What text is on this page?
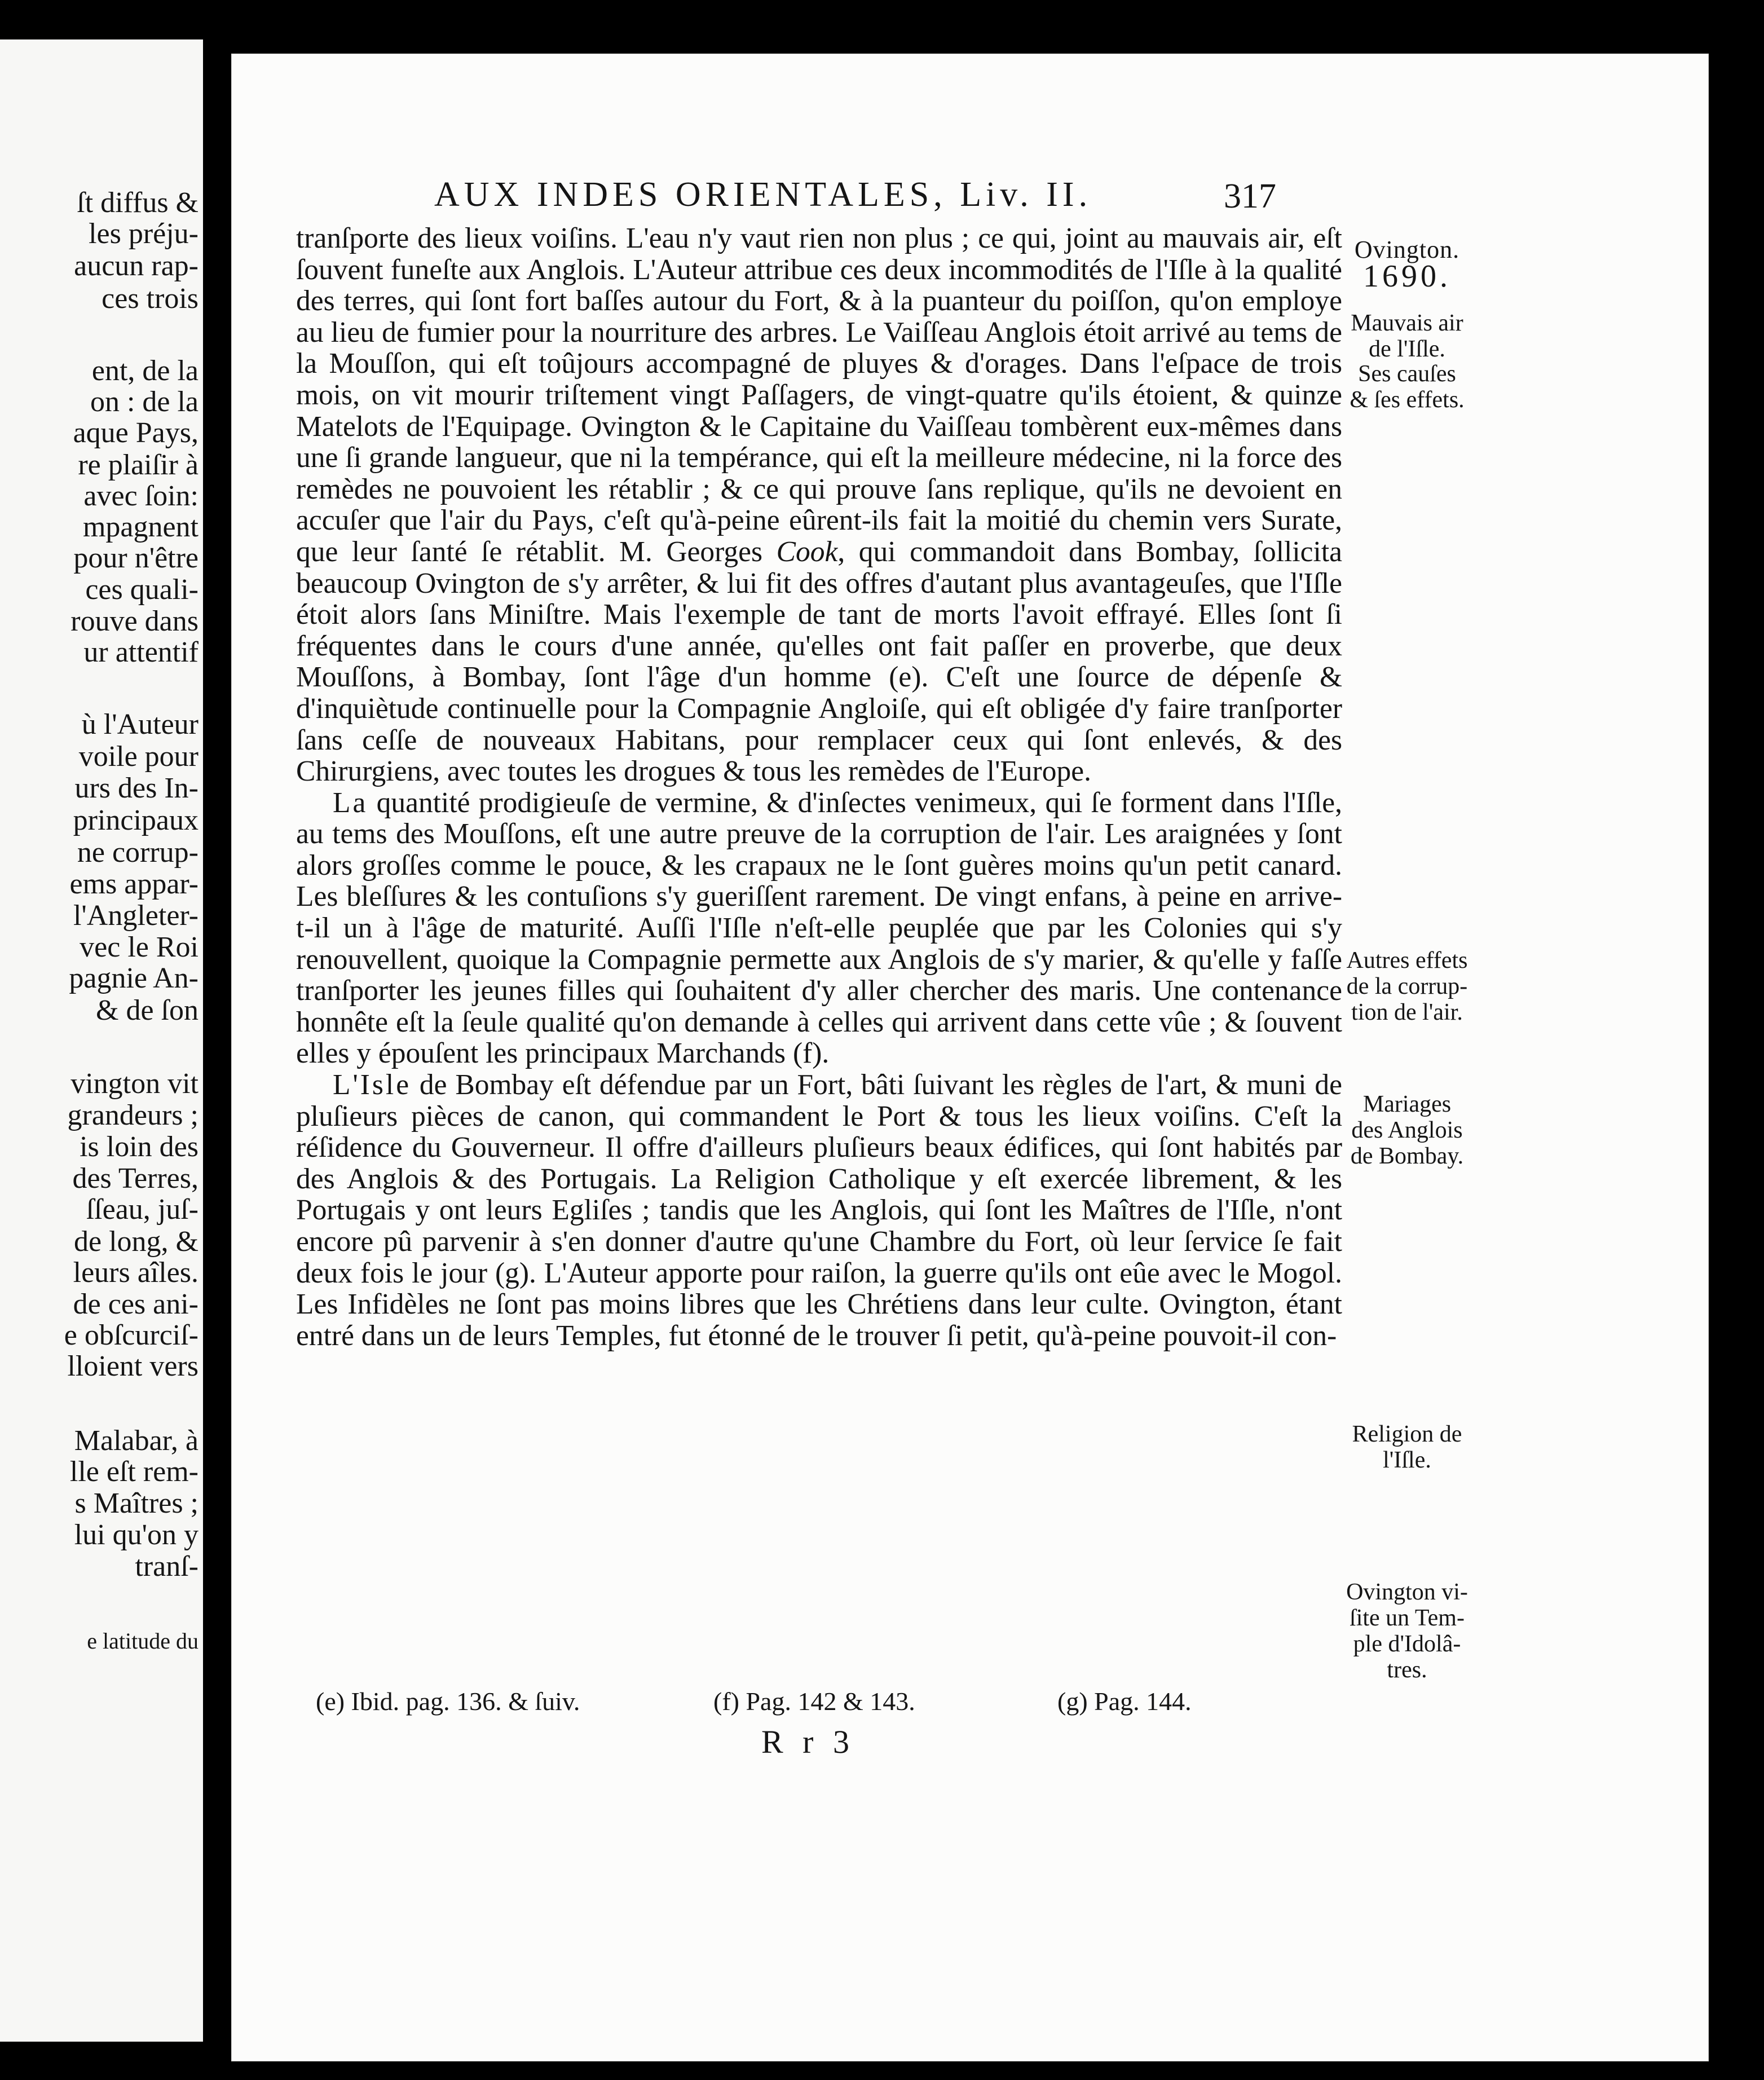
ſt diffus &
les préju-
aucun rap-
ces trois
ent, de la
on : de la
aque Pays,
re plaiſir à
avec ſoin:
mpagnent
pour n'être
ces quali-
rouve dans
ur attentif
ù l'Auteur
voile pour
urs des In-
principaux
ne corrup-
ems appar-
l'Angleter-
vec le Roi
pagnie An-
& de ſon
vington vit
grandeurs ;
is loin des
des Terres,
ſſeau, juſ-
de long, &
leurs aîles.
de ces ani-
e obſcurciſ-
lloient vers
Malabar, à
lle eſt rem-
s Maîtres ;
lui qu'on y
tranſ-
e latitude du
AUX INDES ORIENTALES, Liv. II.	317

tranſporte des lieux voiſins. L'eau n'y vaut rien non plus ; ce qui, joint au mauvais air, eſt ſouvent funeſte aux Anglois. L'Auteur attribue ces deux incommodités de l'Iſle à la qualité des terres, qui ſont fort baſſes autour du Fort, & à la puanteur du poiſſon, qu'on employe au lieu de fumier pour la nourriture des arbres. Le Vaiſſeau Anglois étoit arrivé au tems de la Mouſſon, qui eſt toûjours accompagné de pluyes & d'orages. Dans l'eſpace de trois mois, on vit mourir triſtement vingt Paſſagers, de vingt-quatre qu'ils étoient, & quinze Matelots de l'Equipage. Ovington & le Capitaine du Vaiſſeau tombèrent eux-mêmes dans une ſi grande langueur, que ni la tempérance, qui eſt la meilleure médecine, ni la force des remèdes ne pouvoient les rétablir ; & ce qui prouve ſans replique, qu'ils ne devoient en accuſer que l'air du Pays, c'eſt qu'à-peine eûrent-ils fait la moitié du chemin vers Surate, que leur ſanté ſe rétablit. M. Georges Cook, qui commandoit dans Bombay, ſollicita beaucoup Ovington de s'y arrêter, & lui fit des offres d'autant plus avantageuſes, que l'Iſle étoit alors ſans Miniſtre. Mais l'exemple de tant de morts l'avoit effrayé. Elles ſont ſi fréquentes dans le cours d'une année, qu'elles ont fait paſſer en proverbe, que deux Mouſſons, à Bombay, ſont l'âge d'un homme (e). C'eſt une ſource de dépenſe & d'inquiètude continuelle pour la Compagnie Angloiſe, qui eſt obligée d'y faire tranſporter ſans ceſſe de nouveaux Habitans, pour remplacer ceux qui ſont enlevés, & des Chirurgiens, avec toutes les drogues & tous les remèdes de l'Europe.

La quantité prodigieuſe de vermine, & d'inſectes venimeux, qui ſe forment dans l'Iſle, au tems des Mouſſons, eſt une autre preuve de la corruption de l'air. Les araignées y ſont alors groſſes comme le pouce, & les crapaux ne le ſont guères moins qu'un petit canard. Les bleſſures & les contuſions s'y gueriſſent rarement. De vingt enfans, à peine en arrive-t-il un à l'âge de maturité. Auſſi l'Iſle n'eſt-elle peuplée que par les Colonies qui s'y renouvellent, quoique la Compagnie permette aux Anglois de s'y marier, & qu'elle y faſſe tranſporter les jeunes filles qui ſouhaitent d'y aller chercher des maris. Une contenance honnête eſt la ſeule qualité qu'on demande à celles qui arrivent dans cette vûe ; & ſouvent elles y épouſent les principaux Marchands (f).

L'Isle de Bombay eſt défendue par un Fort, bâti ſuivant les règles de l'art, & muni de pluſieurs pièces de canon, qui commandent le Port & tous les lieux voiſins. C'eſt la réſidence du Gouverneur. Il offre d'ailleurs pluſieurs beaux édifices, qui ſont habités par des Anglois & des Portugais. La Religion Catholique y eſt exercée librement, & les Portugais y ont leurs Egliſes ; tandis que les Anglois, qui ſont les Maîtres de l'Iſle, n'ont encore pû parvenir à s'en donner d'autre qu'une Chambre du Fort, où leur ſervice ſe fait deux fois le jour (g). L'Auteur apporte pour raiſon, la guerre qu'ils ont eûe avec le Mogol. Les Infidèles ne ſont pas moins libres que les Chrétiens dans leur culte. Ovington, étant entré dans un de leurs Temples, fut étonné de le trouver ſi petit, qu'à-peine pouvoit-il con-

Ovington.
1690.
Mauvais air
de l'Iſle.
Ses cauſes
& ſes effets.
Autres effets
de la corrup-
tion de l'air.
Mariages
des Anglois
de Bombay.
Religion de
l'Iſle.
Ovington vi-
ſite un Tem-
ple d'Idolâ-
tres.
(e) Ibid. pag. 136. & ſuiv.	(f) Pag. 142 & 143.	(g) Pag. 144.
R r 3
